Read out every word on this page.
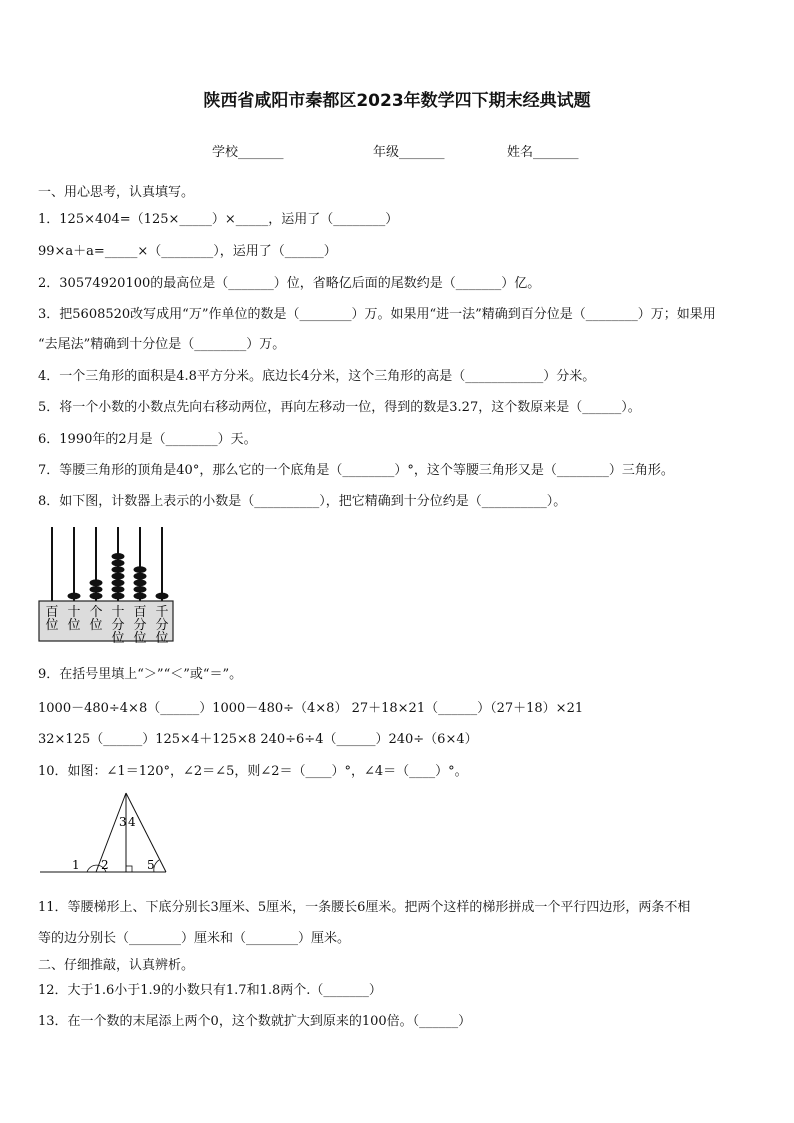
陕西省咸阳市秦都区2023年数学四下期末经典试题
学校_______	年级_______	姓名_______
一、用心思考，认真填写。
1．125×404=（125×_____）×_____，运用了（________）
99×a＋a=_____×（________），运用了（______）
2．30574920100的最高位是（_______）位，省略亿后面的尾数约是（_______）亿。
3．把5608520改写成用“万”作单位的数是（________）万。如果用“进一法”精确到百分位是（________）万；如果用
“去尾法”精确到十分位是（________）万。
4．一个三角形的面积是4.8平方分米。底边长4分米，这个三角形的高是（____________）分米。
5．将一个小数的小数点先向右移动两位，再向左移动一位，得到的数是3.27，这个数原来是（______）。
6．1990年的2月是（________）天。
7．等腰三角形的顶角是40°，那么它的一个底角是（________）°，这个等腰三角形又是（________）三角形。
8．如下图，计数器上表示的小数是（__________），把它精确到十分位约是（__________）。
百
位
十
位
个
位
十
分
位
百
分
位
千
分
位
9．在括号里填上“＞”“＜”或“＝”。
1000－480÷4×8（______）1000－480÷（4×8） 27＋18×21（______）（27＋18）×21
32×125（______）125×4＋125×8 240÷6÷4（______）240÷（6×4）
10．如图：∠1＝120°，∠2＝∠5，则∠2＝（____）°，∠4＝（____）°。
1 2
3 4
5
11．等腰梯形上、下底分别长3厘米、5厘米，一条腰长6厘米。把两个这样的梯形拼成一个平行四边形，两条不相
等的边分别长（________）厘米和（________）厘米。
二、仔细推敲，认真辨析。
12．大于1.6小于1.9的小数只有1.7和1.8两个.（_______）
13．在一个数的末尾添上两个0，这个数就扩大到原来的100倍。（______）
